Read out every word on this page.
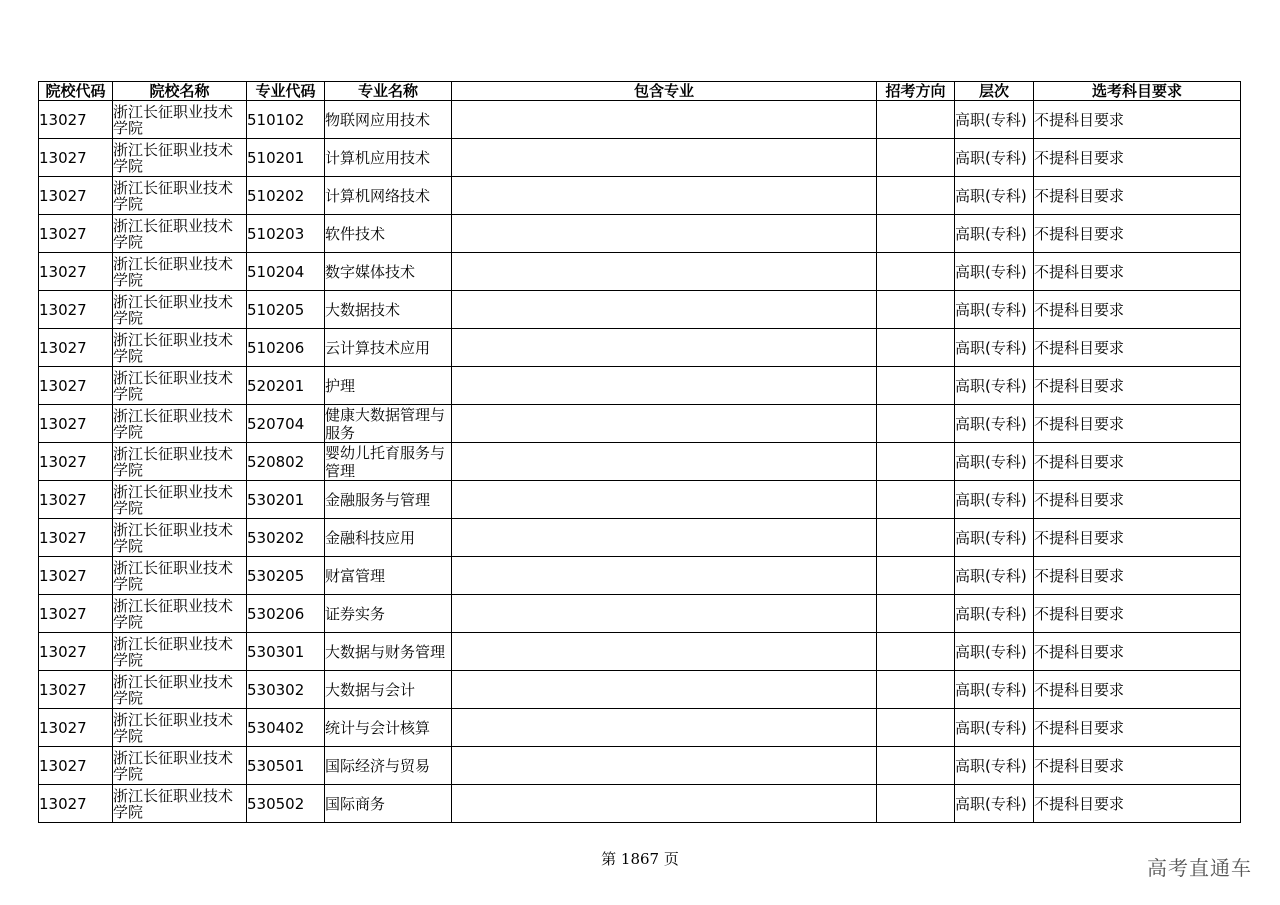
院校代码	院校名称	专业代码	专业名称	包含专业	招考方向	层次	选考科目要求
13027	浙江长征职业技术学院	510102	物联网应用技术			高职(专科)	不提科目要求
13027	浙江长征职业技术学院	510201	计算机应用技术			高职(专科)	不提科目要求
13027	浙江长征职业技术学院	510202	计算机网络技术			高职(专科)	不提科目要求
13027	浙江长征职业技术学院	510203	软件技术			高职(专科)	不提科目要求
13027	浙江长征职业技术学院	510204	数字媒体技术			高职(专科)	不提科目要求
13027	浙江长征职业技术学院	510205	大数据技术			高职(专科)	不提科目要求
13027	浙江长征职业技术学院	510206	云计算技术应用			高职(专科)	不提科目要求
13027	浙江长征职业技术学院	520201	护理			高职(专科)	不提科目要求
13027	浙江长征职业技术学院	520704	健康大数据管理与服务			高职(专科)	不提科目要求
13027	浙江长征职业技术学院	520802	婴幼儿托育服务与管理			高职(专科)	不提科目要求
13027	浙江长征职业技术学院	530201	金融服务与管理			高职(专科)	不提科目要求
13027	浙江长征职业技术学院	530202	金融科技应用			高职(专科)	不提科目要求
13027	浙江长征职业技术学院	530205	财富管理			高职(专科)	不提科目要求
13027	浙江长征职业技术学院	530206	证券实务			高职(专科)	不提科目要求
13027	浙江长征职业技术学院	530301	大数据与财务管理			高职(专科)	不提科目要求
13027	浙江长征职业技术学院	530302	大数据与会计			高职(专科)	不提科目要求
13027	浙江长征职业技术学院	530402	统计与会计核算			高职(专科)	不提科目要求
13027	浙江长征职业技术学院	530501	国际经济与贸易			高职(专科)	不提科目要求
13027	浙江长征职业技术学院	530502	国际商务			高职(专科)	不提科目要求
第 1867 页	高考直通车
